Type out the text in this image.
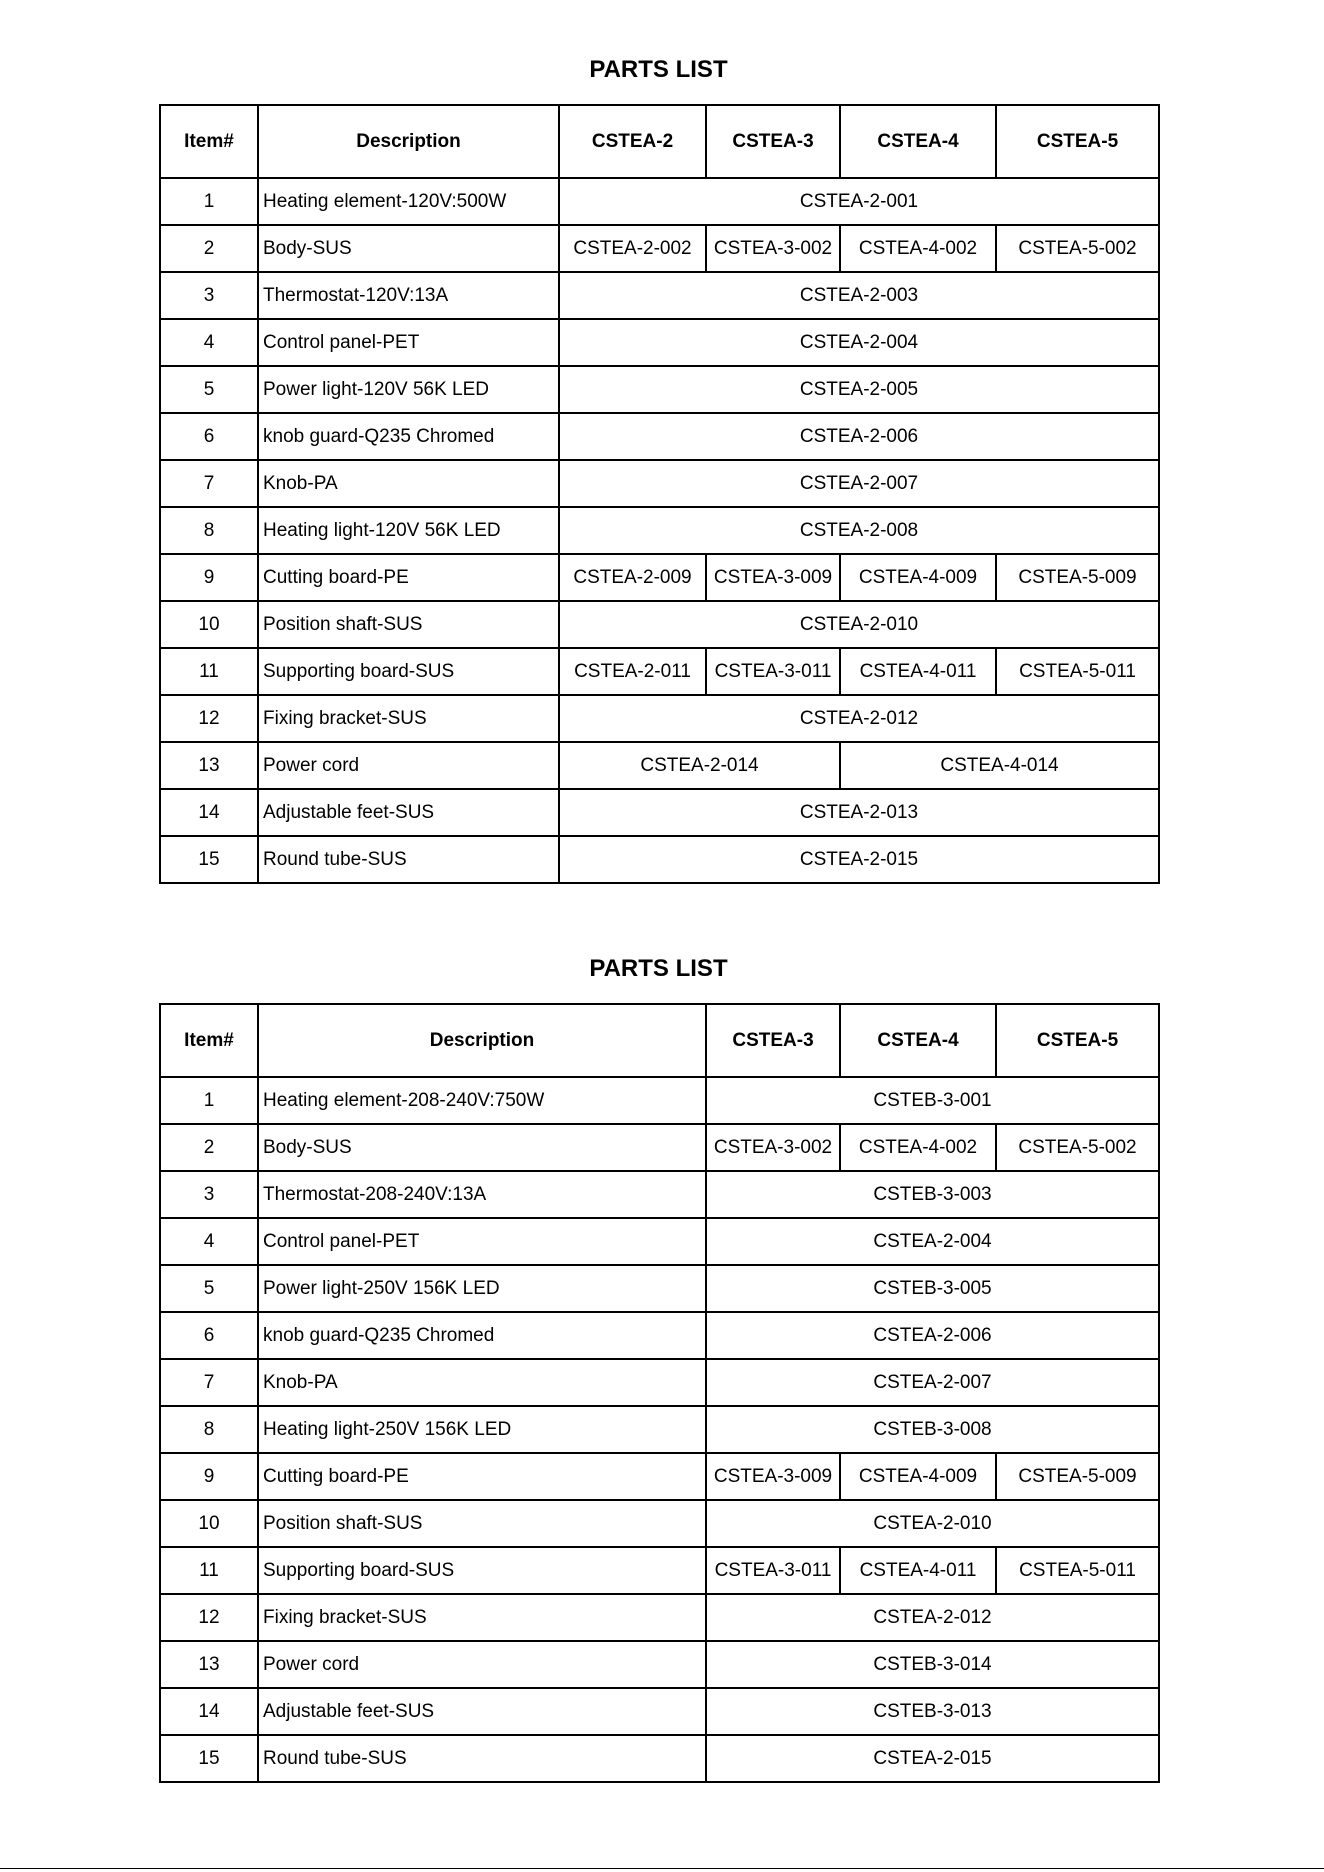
PARTS LIST
Item#	Description	CSTEA-2	CSTEA-3	CSTEA-4	CSTEA-5
1	Heating element-120V:500W	CSTEA-2-001			
2	Body-SUS	CSTEA-2-002	CSTEA-3-002	CSTEA-4-002	CSTEA-5-002
3	Thermostat-120V:13A	CSTEA-2-003			
4	Control panel-PET	CSTEA-2-004			
5	Power light-120V 56K LED	CSTEA-2-005			
6	knob guard-Q235 Chromed	CSTEA-2-006			
7	Knob-PA	CSTEA-2-007			
8	Heating light-120V 56K LED	CSTEA-2-008			
9	Cutting board-PE	CSTEA-2-009	CSTEA-3-009	CSTEA-4-009	CSTEA-5-009
10	Position shaft-SUS	CSTEA-2-010			
11	Supporting board-SUS	CSTEA-2-011	CSTEA-3-011	CSTEA-4-011	CSTEA-5-011
12	Fixing bracket-SUS	CSTEA-2-012			
13	Power cord	CSTEA-2-014		CSTEA-4-014	
14	Adjustable feet-SUS	CSTEA-2-013			
15	Round tube-SUS	CSTEA-2-015			
PARTS LIST
Item#	Description	CSTEA-3	CSTEA-4	CSTEA-5
1	Heating element-208-240V:750W	CSTEB-3-001		
2	Body-SUS	CSTEA-3-002	CSTEA-4-002	CSTEA-5-002
3	Thermostat-208-240V:13A	CSTEB-3-003		
4	Control panel-PET	CSTEA-2-004		
5	Power light-250V 156K LED	CSTEB-3-005		
6	knob guard-Q235 Chromed	CSTEA-2-006		
7	Knob-PA	CSTEA-2-007		
8	Heating light-250V 156K LED	CSTEB-3-008		
9	Cutting board-PE	CSTEA-3-009	CSTEA-4-009	CSTEA-5-009
10	Position shaft-SUS	CSTEA-2-010		
11	Supporting board-SUS	CSTEA-3-011	CSTEA-4-011	CSTEA-5-011
12	Fixing bracket-SUS	CSTEA-2-012		
13	Power cord	CSTEB-3-014		
14	Adjustable feet-SUS	CSTEB-3-013		
15	Round tube-SUS	CSTEA-2-015		
